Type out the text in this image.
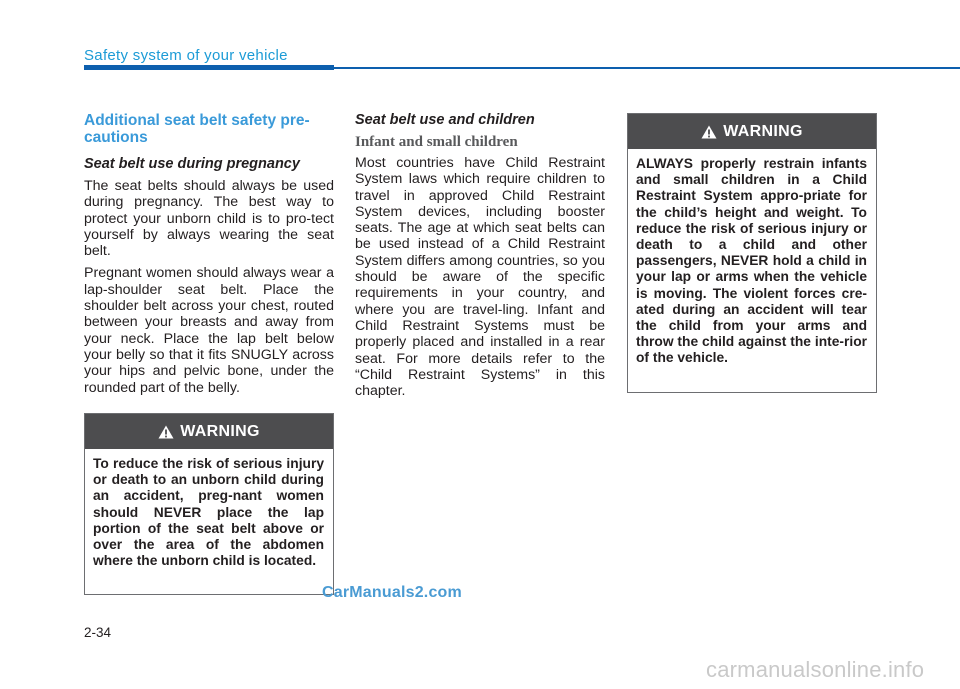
Safety system of your vehicle
Additional seat belt safety pre-cautions
Seat belt use during pregnancy

The seat belts should always be used during pregnancy. The best way to protect your unborn child is to pro-tect yourself by always wearing the seat belt.

Pregnant women should always wear a lap-shoulder seat belt. Place the shoulder belt across your chest, routed between your breasts and away from your neck. Place the lap belt below your belly so that it fits SNUGLY across your hips and pelvic bone, under the rounded part of the belly.

WARNING
To reduce the risk of serious injury or death to an unborn child during an accident, preg-nant women should NEVER place the lap portion of the seat belt above or over the area of the abdomen where the unborn child is located.
Seat belt use and children
Infant and small children

Most countries have Child Restraint System laws which require children to travel in approved Child Restraint System devices, including booster seats. The age at which seat belts can be used instead of a Child Restraint System differs among countries, so you should be aware of the specific requirements in your country, and where you are travel-ling. Infant and Child Restraint Systems must be properly placed and installed in a rear seat. For more details refer to the “Child Restraint Systems” in this chapter.

WARNING
ALWAYS properly restrain infants and small children in a Child Restraint System appro-priate for the child’s height and weight. To reduce the risk of serious injury or death to a child and other passengers, NEVER hold a child in your lap or arms when the vehicle is moving. The violent forces cre-ated during an accident will tear the child from your arms and throw the child against the inte-rior of the vehicle.
CarManuals2.com
2-34
carmanualsonline.info
